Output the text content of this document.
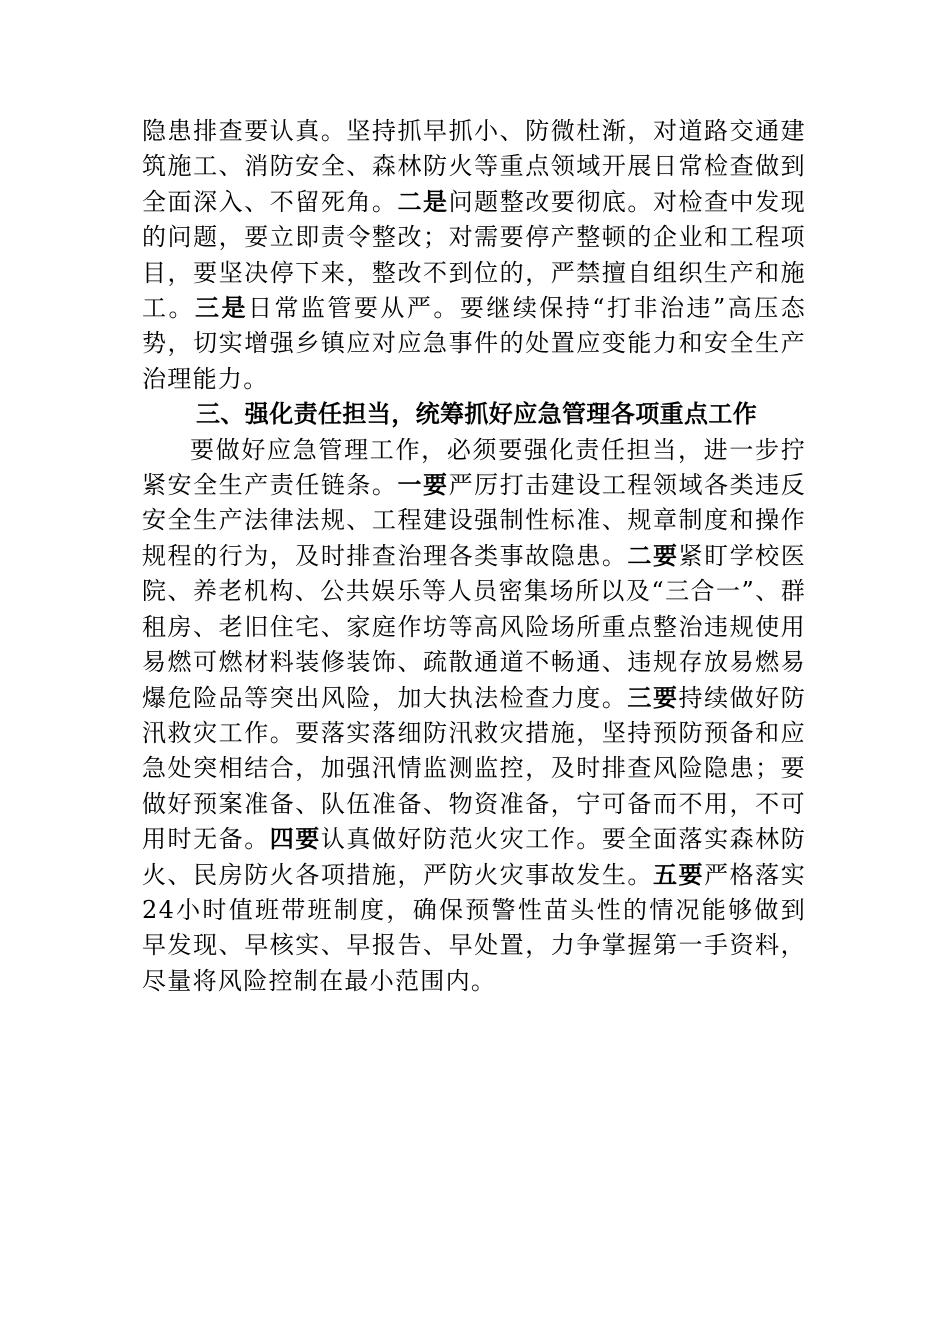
隐患排查要认真。坚持抓早抓小、防微杜渐，对道路交通建筑施工、消防安全、森林防火等重点领域开展日常检查做到全面深入、不留死角。二是问题整改要彻底。对检查中发现的问题，要立即责令整改；对需要停产整顿的企业和工程项目，要坚决停下来，整改不到位的，严禁擅自组织生产和施工。三是日常监管要从严。要继续保持“打非治违”高压态势，切实增强乡镇应对应急事件的处置应变能力和安全生产治理能力。

三、强化责任担当，统筹抓好应急管理各项重点工作

要做好应急管理工作，必须要强化责任担当，进一步拧紧安全生产责任链条。一要严厉打击建设工程领域各类违反安全生产法律法规、工程建设强制性标准、规章制度和操作规程的行为，及时排查治理各类事故隐患。二要紧盯学校医院、养老机构、公共娱乐等人员密集场所以及“三合一”、群租房、老旧住宅、家庭作坊等高风险场所重点整治违规使用易燃可燃材料装修装饰、疏散通道不畅通、违规存放易燃易爆危险品等突出风险，加大执法检查力度。三要持续做好防汛救灾工作。要落实落细防汛救灾措施，坚持预防预备和应急处突相结合，加强汛情监测监控，及时排查风险隐患；要做好预案准备、队伍准备、物资准备，宁可备而不用，不可用时无备。四要认真做好防范火灾工作。要全面落实森林防火、民房防火各项措施，严防火灾事故发生。五要严格落实24小时值班带班制度，确保预警性苗头性的情况能够做到早发现、早核实、早报告、早处置，力争掌握第一手资料，尽量将风险控制在最小范围内。
